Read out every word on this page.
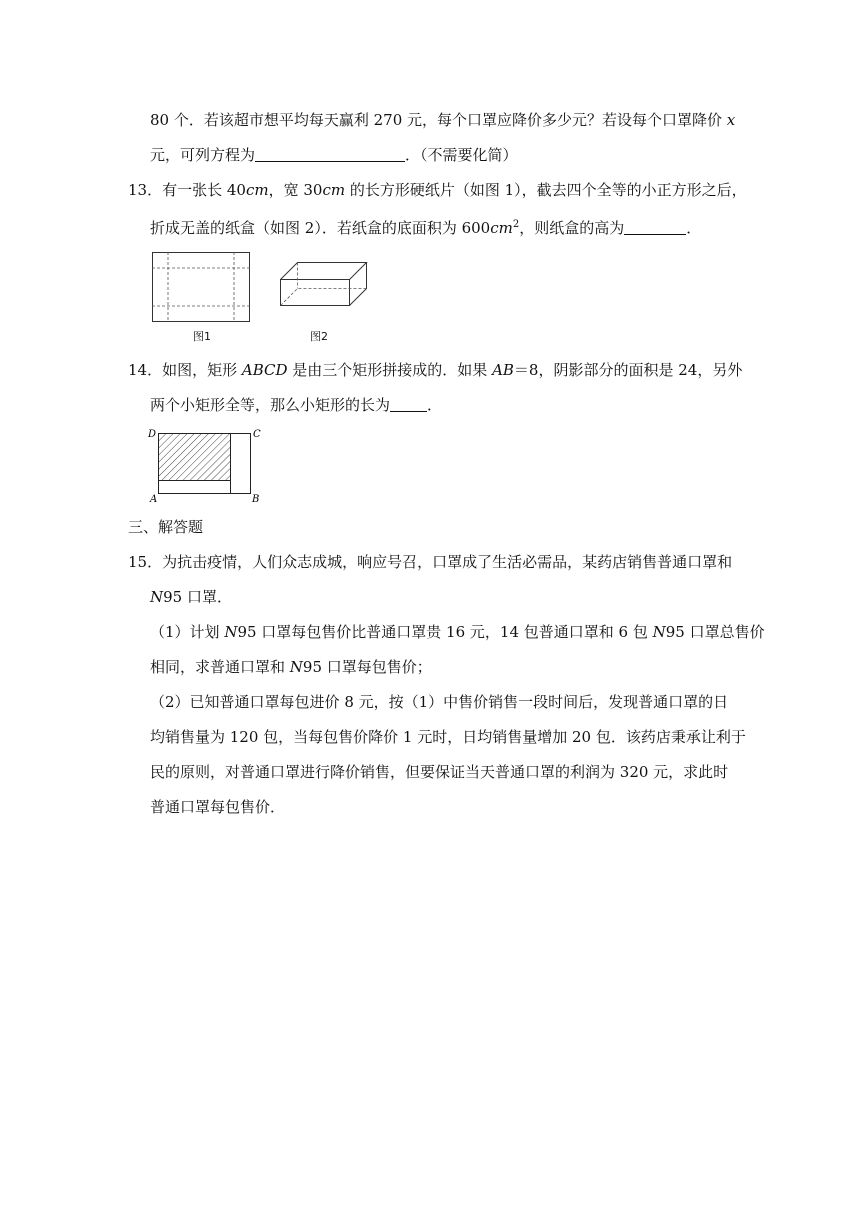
80 个．若该超市想平均每天赢利 270 元，每个口罩应降价多少元？若设每个口罩降价 x
元，可列方程为	．（不需要化简）
13．有一张长 40cm，宽 30cm 的长方形硬纸片（如图 1），截去四个全等的小正方形之后，
折成无盖的纸盒（如图 2）．若纸盒的底面积为 $600cm^2$，则纸盒的高为	．
图1	图2
14．如图，矩形 ABCD 是由三个矩形拼接成的．如果 AB＝8，阴影部分的面积是 24，另外
两个小矩形全等，那么小矩形的长为 ．
D	C
A	B
三、解答题
15．为抗击疫情，人们众志成城，响应号召，口罩成了生活必需品，某药店销售普通口罩和
N95 口罩．
（1）计划 N95 口罩每包售价比普通口罩贵 16 元，14 包普通口罩和 6 包 N95 口罩总售价
相同，求普通口罩和 N95 口罩每包售价；
（2）已知普通口罩每包进价 8 元，按（1）中售价销售一段时间后，发现普通口罩的日
均销售量为 120 包，当每包售价降价 1 元时，日均销售量增加 20 包．该药店秉承让利于
民的原则，对普通口罩进行降价销售，但要保证当天普通口罩的利润为 320 元，求此时
普通口罩每包售价．
